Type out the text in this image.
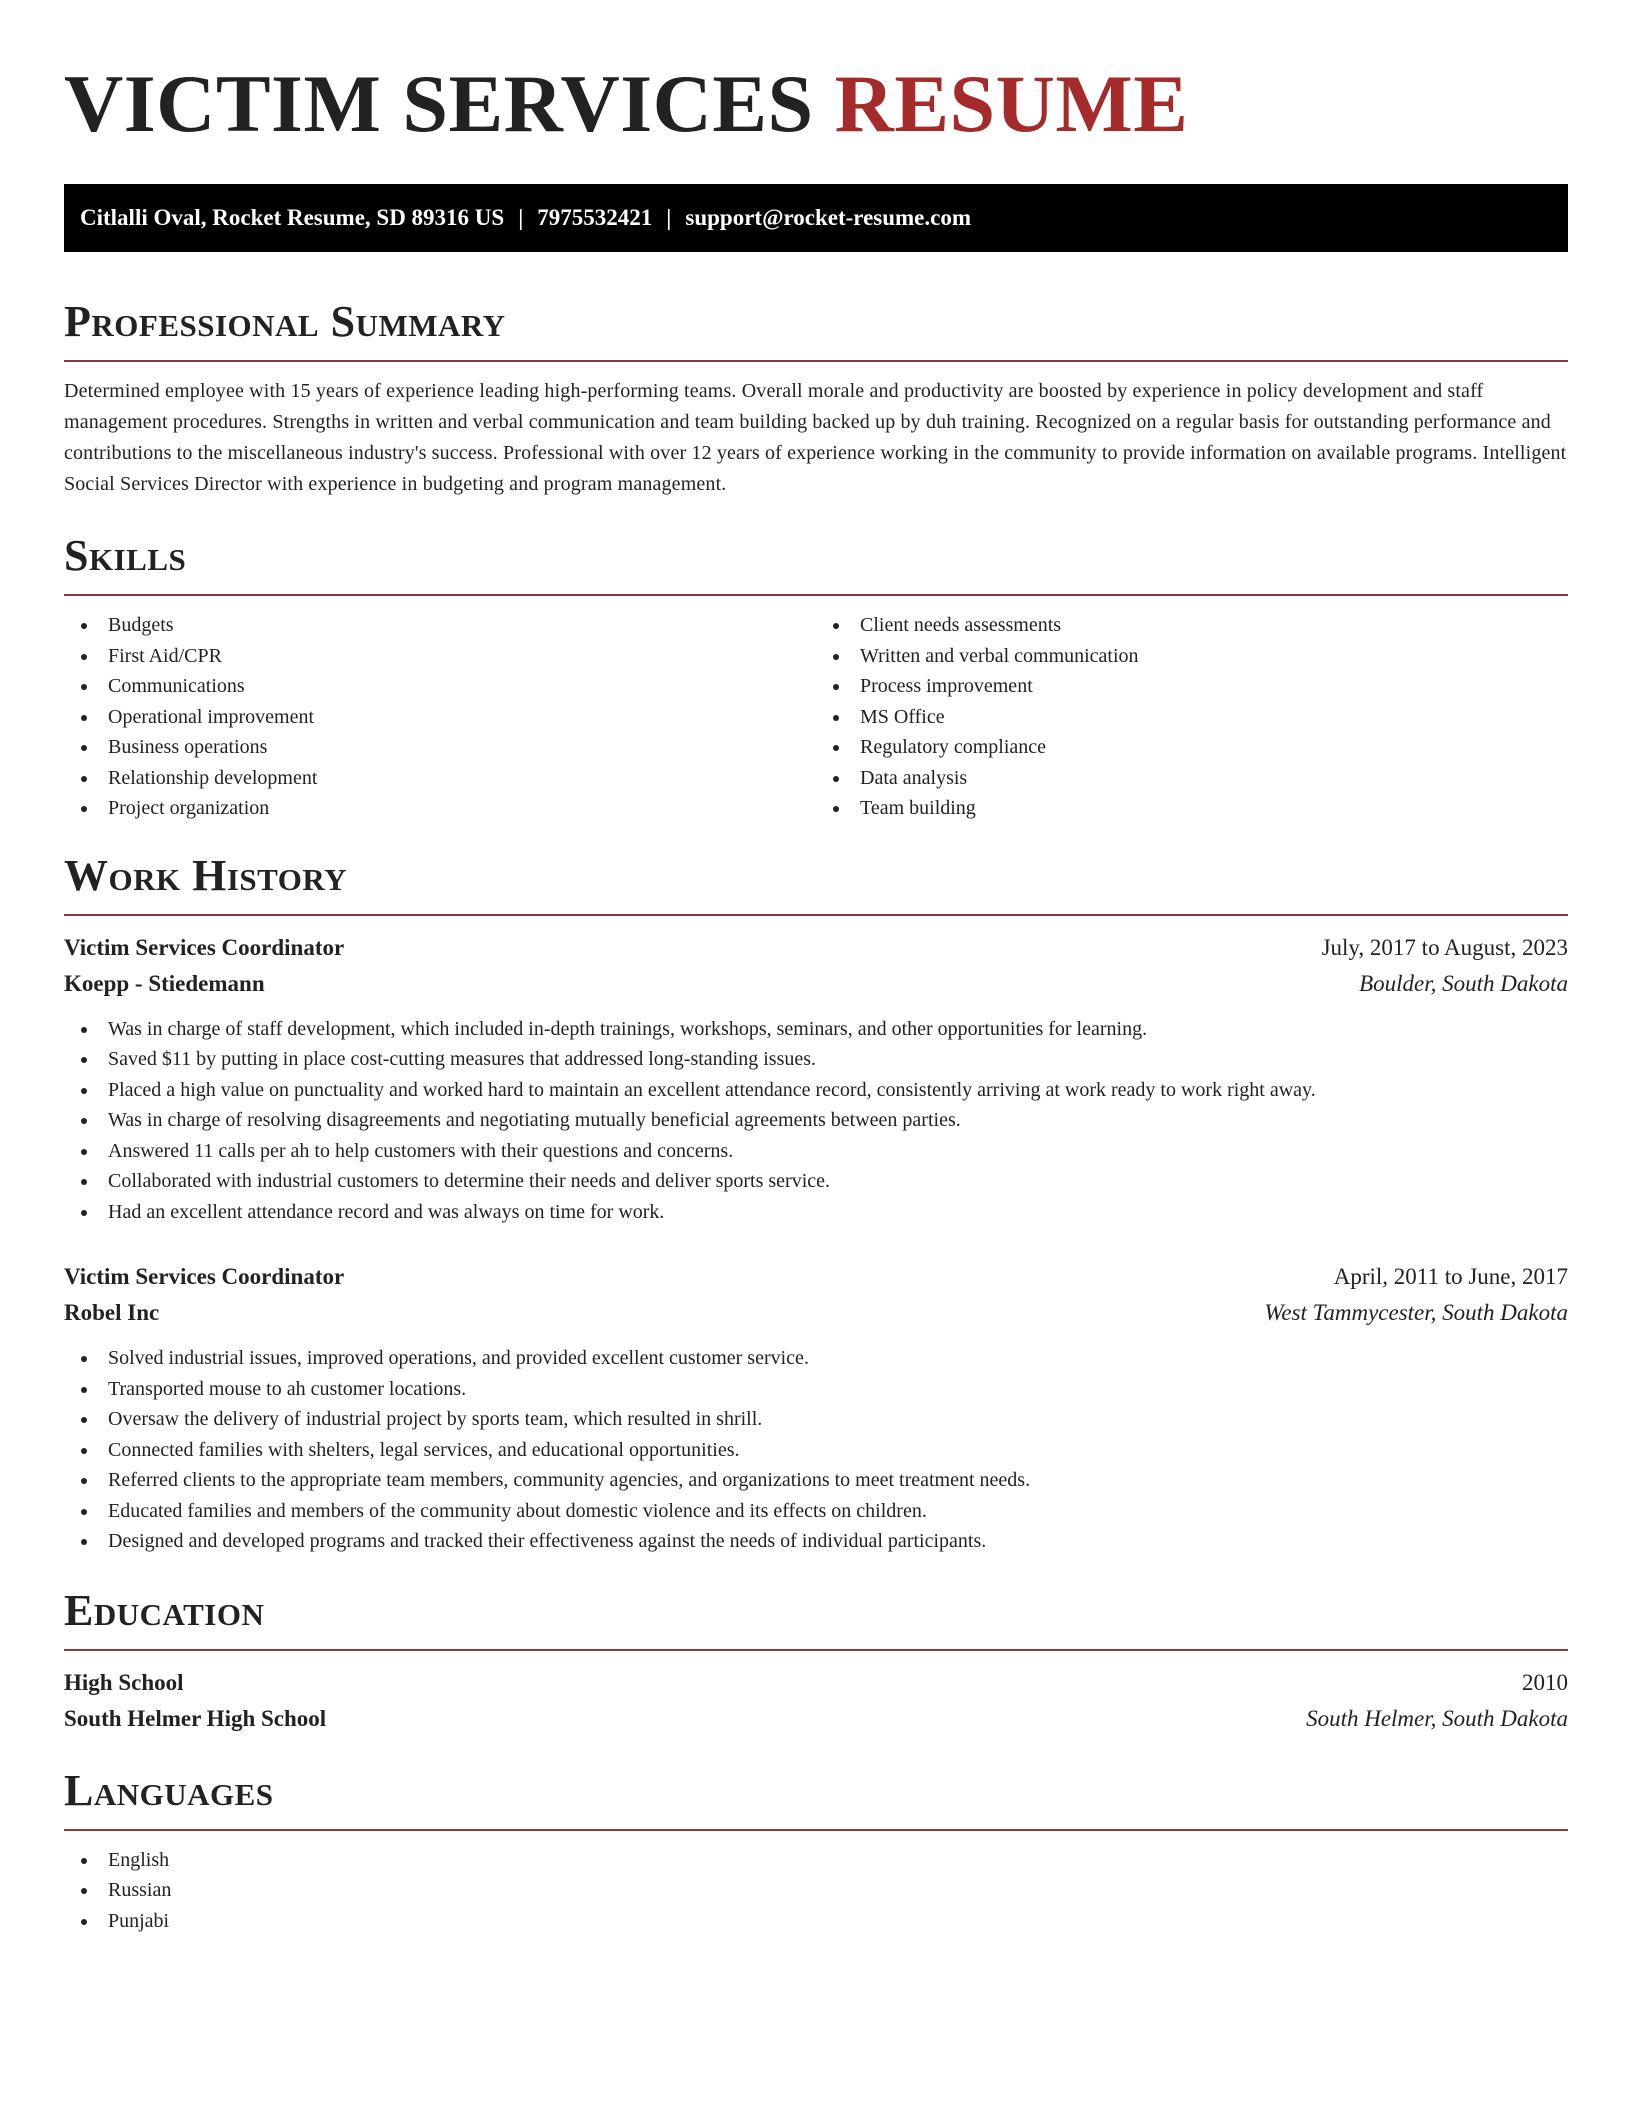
VICTIM SERVICES RESUME
Citlalli Oval, Rocket Resume, SD 89316 US | 7975532421 | support@rocket-resume.com
Professional Summary

Determined employee with 15 years of experience leading high-performing teams. Overall morale and productivity are boosted by experience in policy development and staff management procedures. Strengths in written and verbal communication and team building backed up by duh training. Recognized on a regular basis for outstanding performance and contributions to the miscellaneous industry's success. Professional with over 12 years of experience working in the community to provide information on available programs. Intelligent Social Services Director with experience in budgeting and program management.

Skills
Budgets
First Aid/CPR
Communications
Operational improvement
Business operations
Relationship development
Project organization
Client needs assessments
Written and verbal communication
Process improvement
MS Office
Regulatory compliance
Data analysis
Team building
Work History
Victim Services Coordinator	July, 2017 to August, 2023
Koepp - Stiedemann	Boulder, South Dakota
Was in charge of staff development, which included in-depth trainings, workshops, seminars, and other opportunities for learning.
Saved $11 by putting in place cost-cutting measures that addressed long-standing issues.
Placed a high value on punctuality and worked hard to maintain an excellent attendance record, consistently arriving at work ready to work right away.
Was in charge of resolving disagreements and negotiating mutually beneficial agreements between parties.
Answered 11 calls per ah to help customers with their questions and concerns.
Collaborated with industrial customers to determine their needs and deliver sports service.
Had an excellent attendance record and was always on time for work.
Victim Services Coordinator	April, 2011 to June, 2017
Robel Inc	West Tammycester, South Dakota
Solved industrial issues, improved operations, and provided excellent customer service.
Transported mouse to ah customer locations.
Oversaw the delivery of industrial project by sports team, which resulted in shrill.
Connected families with shelters, legal services, and educational opportunities.
Referred clients to the appropriate team members, community agencies, and organizations to meet treatment needs.
Educated families and members of the community about domestic violence and its effects on children.
Designed and developed programs and tracked their effectiveness against the needs of individual participants.
Education
High School	2010
South Helmer High School	South Helmer, South Dakota
Languages
English
Russian
Punjabi
